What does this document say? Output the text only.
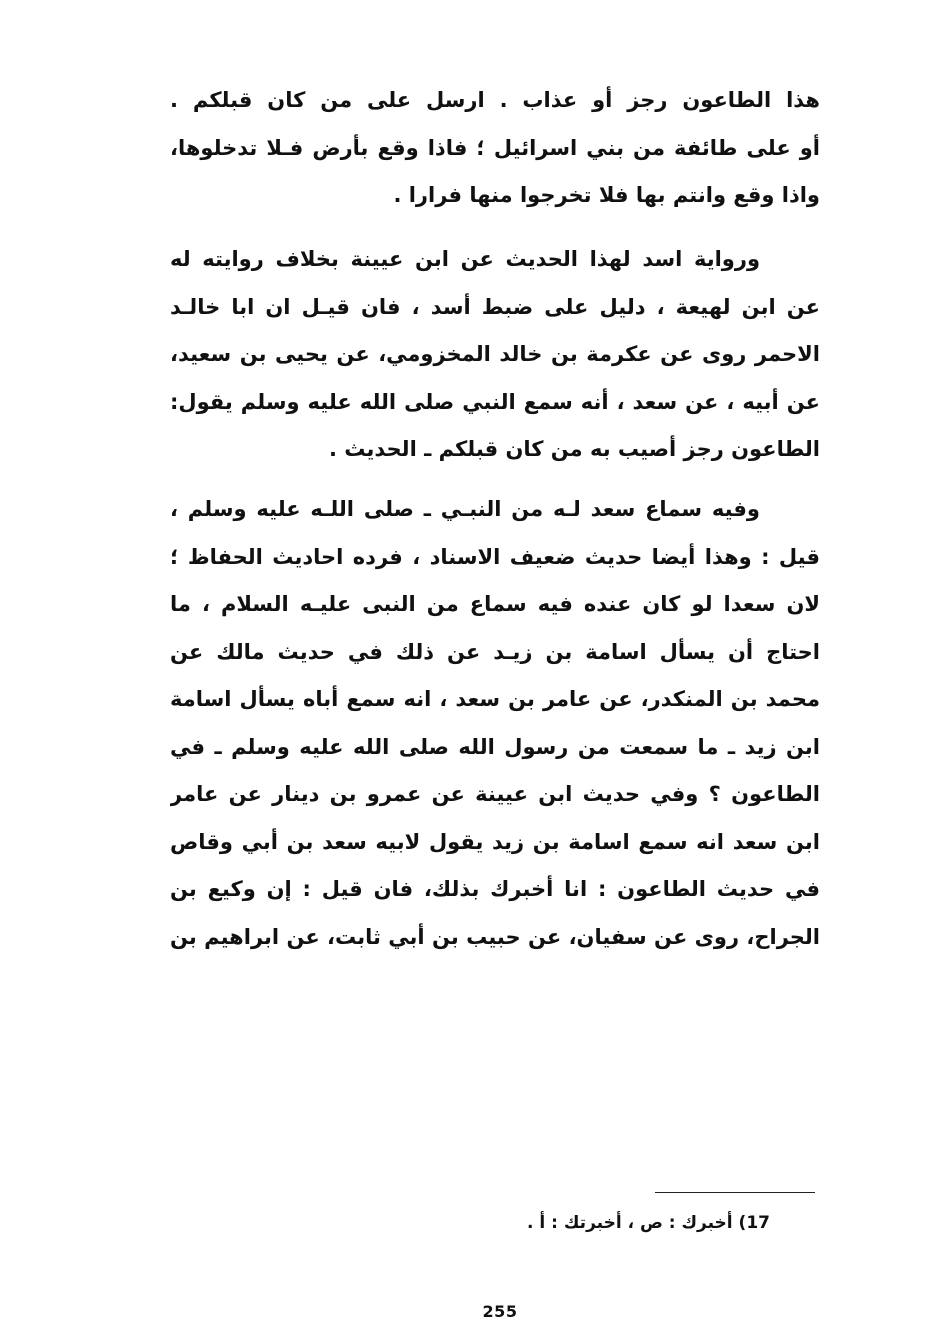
هذا الطاعون رجز أو عذاب . ارسل على من كان قبلكم .
أو على طائفة من بني اسرائيل ؛ فاذا وقع بأرض فـلا تدخلوها،
واذا وقع وانتم بها فلا تخرجوا منها فرارا .
ورواية اسد لهذا الحديث عن ابن عيينة بخلاف روايته له
عن ابن لهيعة ، دليل على ضبط أسد ، فان قيـل ان ابا خالـد
الاحمر روى عن عكرمة بن خالد المخزومي، عن يحيى بن سعيد،
عن أبيه ، عن سعد ، أنه سمع النبي صلى الله عليه وسلم يقول:
الطاعون رجز أصيب به من كان قبلكم ـ الحديث .
وفيه سماع سعد لـه من النبـي ـ صلى اللـه عليه وسلم ،
قيل : وهذا أيضا حديث ضعيف الاسناد ، فرده احاديث الحفاظ ؛
لان سعدا لو كان عنده فيه سماع من النبى عليـه السلام ، ما
احتاج أن يسأل اسامة بن زيـد عن ذلك في حديث مالك عن
محمد بن المنكدر، عن عامر بن سعد ، انه سمع أباه يسأل اسامة
ابن زيد ـ ما سمعت من رسول الله صلى الله عليه وسلم ـ في
الطاعون ؟ وفي حديث ابن عيينة عن عمرو بن دينار عن عامر
ابن سعد انه سمع اسامة بن زيد يقول لابيه سعد بن أبي وقاص
في حديث الطاعون : انا أخبرك بذلك، فان قيل : إن وكيع بن
الجراح، روى عن سفيان، عن حبيب بن أبي ثابت، عن ابراهيم بن
17) أخبرك : ص ، أخبرتك : أ .
255
